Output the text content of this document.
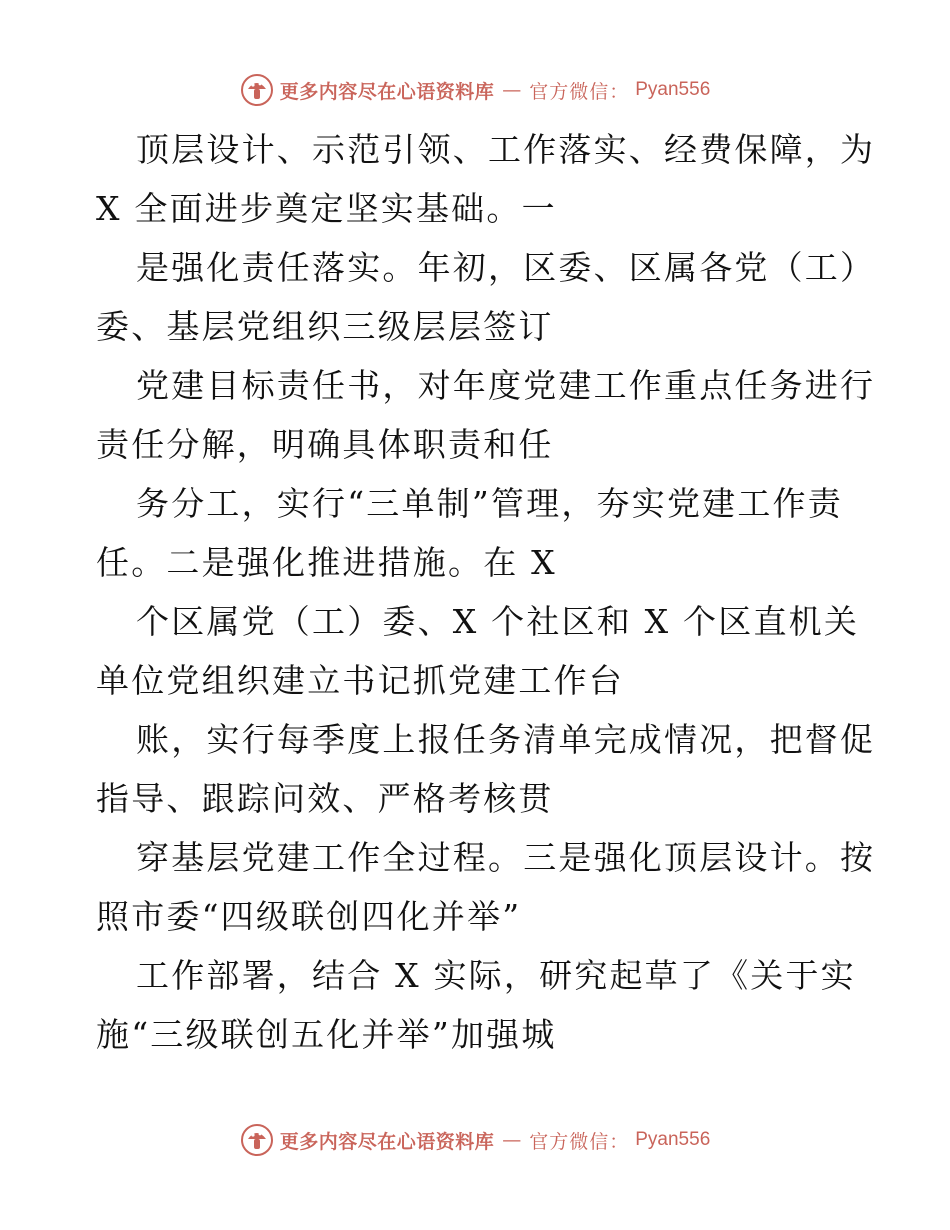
更多内容尽在心语资料库 — 官方微信： Pyan556
顶层设计、示范引领、工作落实、经费保障，为
X 全面进步奠定坚实基础。一
是强化责任落实。年初，区委、区属各党（工）
委、基层党组织三级层层签订
党建目标责任书，对年度党建工作重点任务进行
责任分解，明确具体职责和任
务分工，实行“三单制”管理，夯实党建工作责
任。二是强化推进措施。在 X
个区属党（工）委、X 个社区和 X 个区直机关
单位党组织建立书记抓党建工作台
账，实行每季度上报任务清单完成情况，把督促
指导、跟踪问效、严格考核贯
穿基层党建工作全过程。三是强化顶层设计。按
照市委“四级联创四化并举”
工作部署，结合 X 实际，研究起草了《关于实
施“三级联创五化并举”加强城
更多内容尽在心语资料库 — 官方微信： Pyan556
